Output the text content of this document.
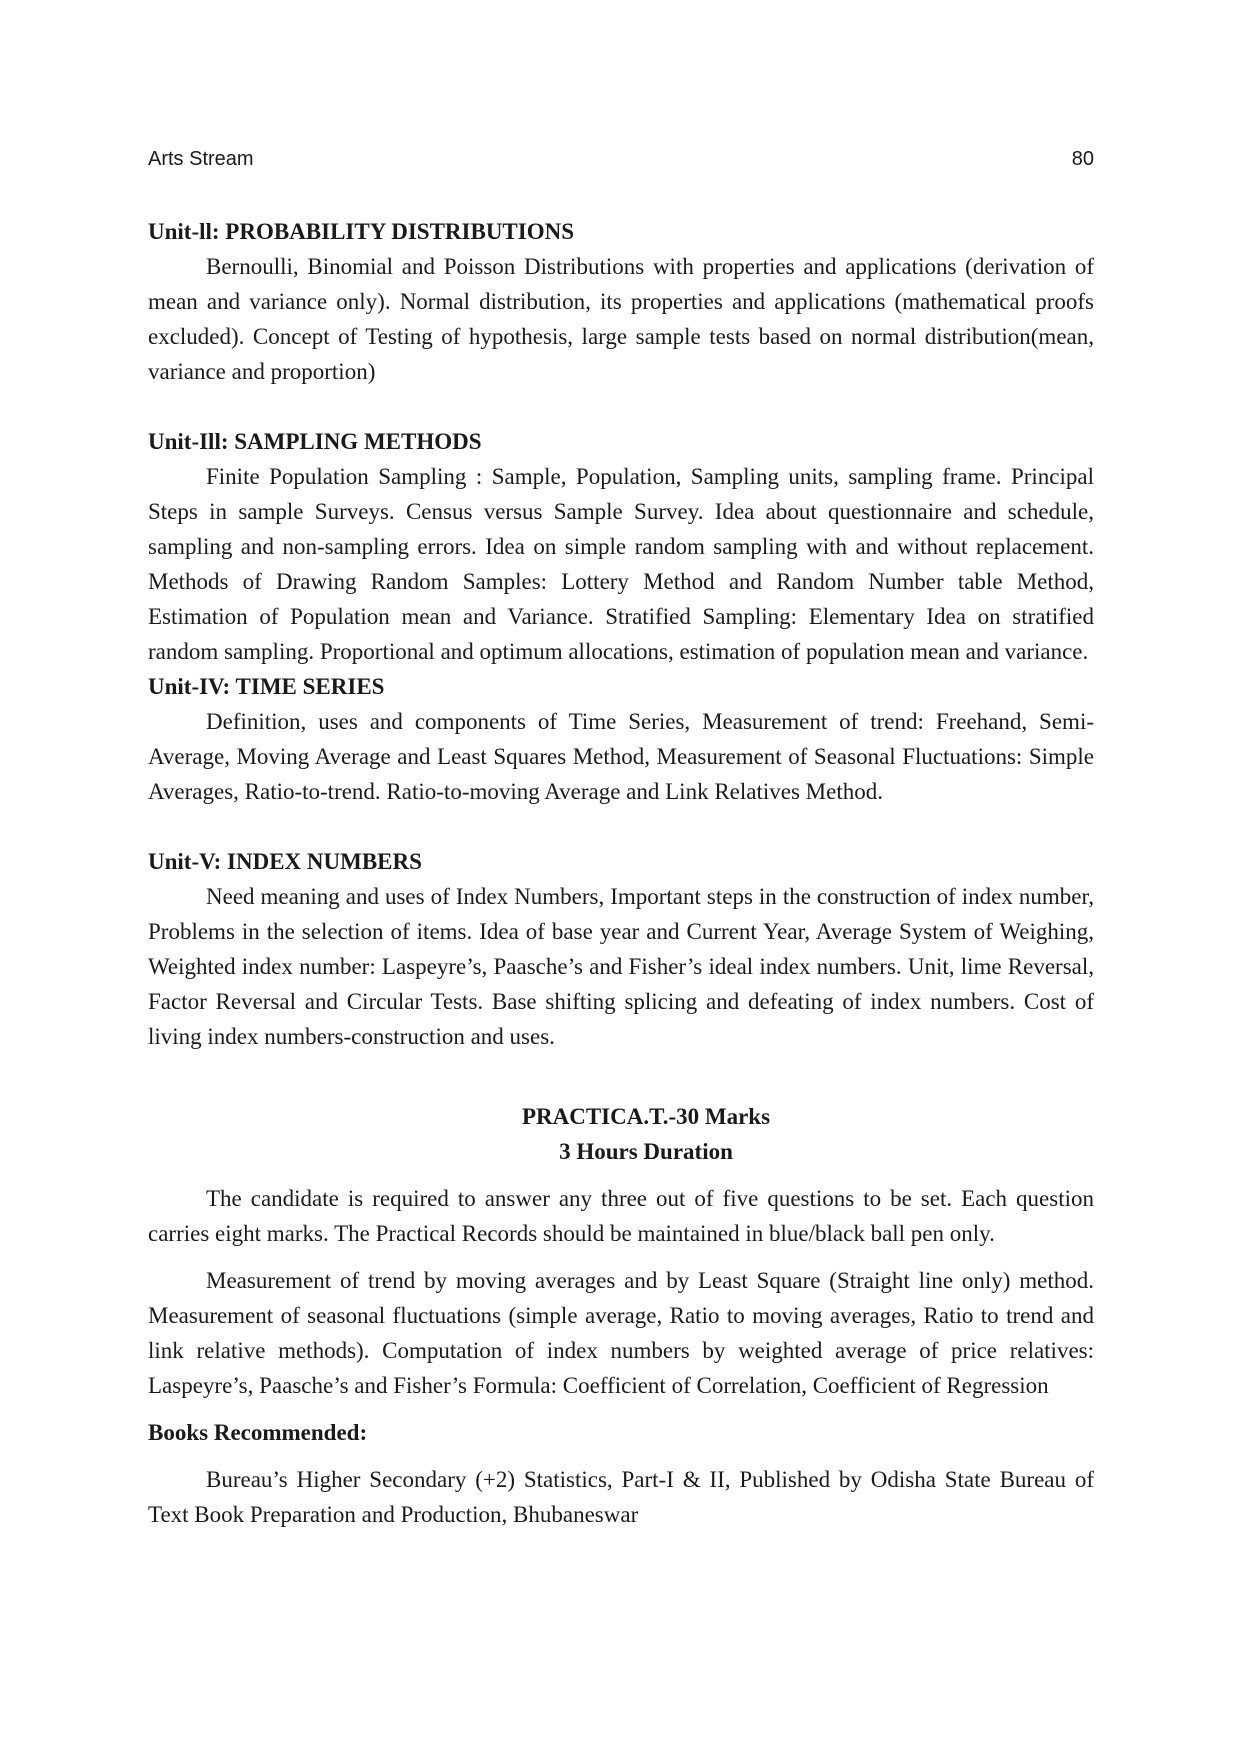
Arts Stream	80

Unit-ll: PROBABILITY DISTRIBUTIONS

Bernoulli, Binomial and Poisson Distributions with properties and applications (derivation of mean and variance only). Normal distribution, its properties and applications (mathematical proofs excluded). Concept of Testing of hypothesis, large sample tests based on normal distribution(mean, variance and proportion)

Unit-Ill: SAMPLING METHODS

Finite Population Sampling : Sample, Population, Sampling units, sampling frame. Principal Steps in sample Surveys. Census versus Sample Survey. Idea about questionnaire and schedule, sampling and non-sampling errors. Idea on simple random sampling with and without replacement. Methods of Drawing Random Samples: Lottery Method and Random Number table Method, Estimation of Population mean and Variance. Stratified Sampling: Elementary Idea on stratified random sampling. Proportional and optimum allocations, estimation of population mean and variance.

Unit-IV: TIME SERIES

Definition, uses and components of Time Series, Measurement of trend: Freehand, Semi-Average, Moving Average and Least Squares Method, Measurement of Seasonal Fluctuations: Simple Averages, Ratio-to-trend. Ratio-to-moving Average and Link Relatives Method.

Unit-V: INDEX NUMBERS

Need meaning and uses of Index Numbers, Important steps in the construction of index number, Problems in the selection of items. Idea of base year and Current Year, Average System of Weighing, Weighted index number: Laspeyre’s, Paasche’s and Fisher’s ideal index numbers. Unit, lime Reversal, Factor Reversal and Circular Tests. Base shifting splicing and defeating of index numbers. Cost of living index numbers-construction and uses.

PRACTICA.T.-30 Marks

3 Hours Duration

The candidate is required to answer any three out of five questions to be set. Each question carries eight marks. The Practical Records should be maintained in blue/black ball pen only.

Measurement of trend by moving averages and by Least Square (Straight line only) method. Measurement of seasonal fluctuations (simple average, Ratio to moving averages, Ratio to trend and link relative methods). Computation of index numbers by weighted average of price relatives: Laspeyre’s, Paasche’s and Fisher’s Formula: Coefficient of Correlation, Coefficient of Regression

Books Recommended:

Bureau’s Higher Secondary (+2) Statistics, Part-I & II, Published by Odisha State Bureau of Text Book Preparation and Production, Bhubaneswar
